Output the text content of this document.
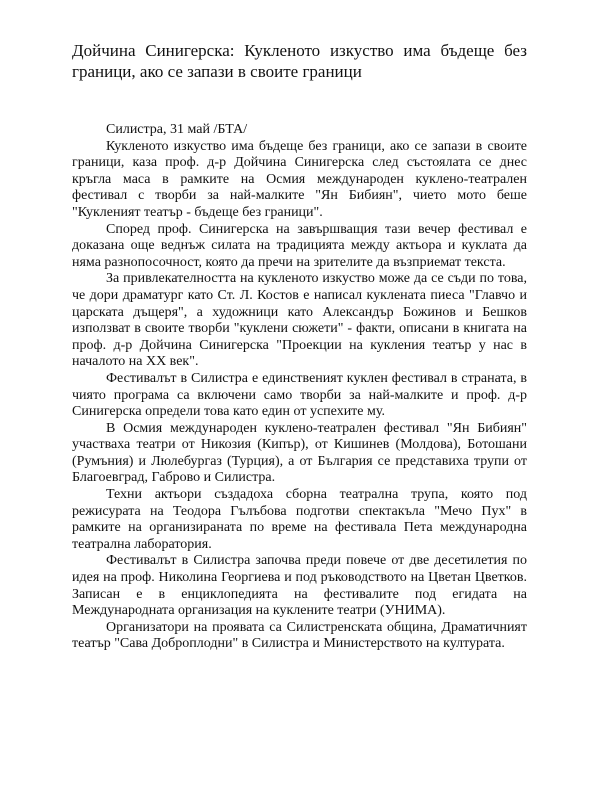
Дойчина Синигерска: Кукленото изкуство има бъдеще без граници, ако се запази в своите граници

Силистра, 31 май /БТА/

Кукленото изкуство има бъдеще без граници, ако се запази в своите граници, каза проф. д-р Дойчина Синигерска след състоялата се днес кръгла маса в рамките на Осмия международен куклено-театрален фестивал с творби за най-малките "Ян Бибиян", чието мото беше "Кукленият театър - бъдеще без граници".

Според проф. Синигерска на завършващия тази вечер фестивал е доказана още веднъж силата на традицията между актьора и куклата да няма разнопосочност, която да пречи на зрителите да възприемат текста.

За привлекателността на кукленото изкуство може да се съди по това, че дори драматург като Ст. Л. Костов е написал куклената пиеса "Главчо и царската дъщеря", а художници като Александър Божинов и Бешков използват в своите творби "куклени сюжети" - факти, описани в книгата на проф. д-р Дойчина Синигерска "Проекции на кукления театър у нас в началото на ХХ век".

Фестивалът в Силистра е единственият куклен фестивал в страната, в чиято програма са включени само творби за най-малките и проф. д-р Синигерска определи това като един от успехите му.

В Осмия международен куклено-театрален фестивал "Ян Бибиян" участваха театри от Никозия (Кипър), от Кишинев (Молдова), Ботошани (Румъния) и Люлебургаз (Турция), а от България се представиха трупи от Благоевград, Габрово и Силистра.

Техни актьори създадоха сборна театрална трупа, която под режисурата на Теодора Гълъбова подготви спектакъла "Мечо Пух" в рамките на организираната по време на фестивала Пета международна театрална лаборатория.

Фестивалът в Силистра започва преди повече от две десетилетия по идея на проф. Николина Георгиева и под ръководството на Цветан Цветков. Записан е в енциклопедията на фестивалите под егидата на Международната организация на куклените театри (УНИМА).

Организатори на проявата са Силистренската община, Драматичният театър "Сава Доброплодни" в Силистра и Министерството на културата.
